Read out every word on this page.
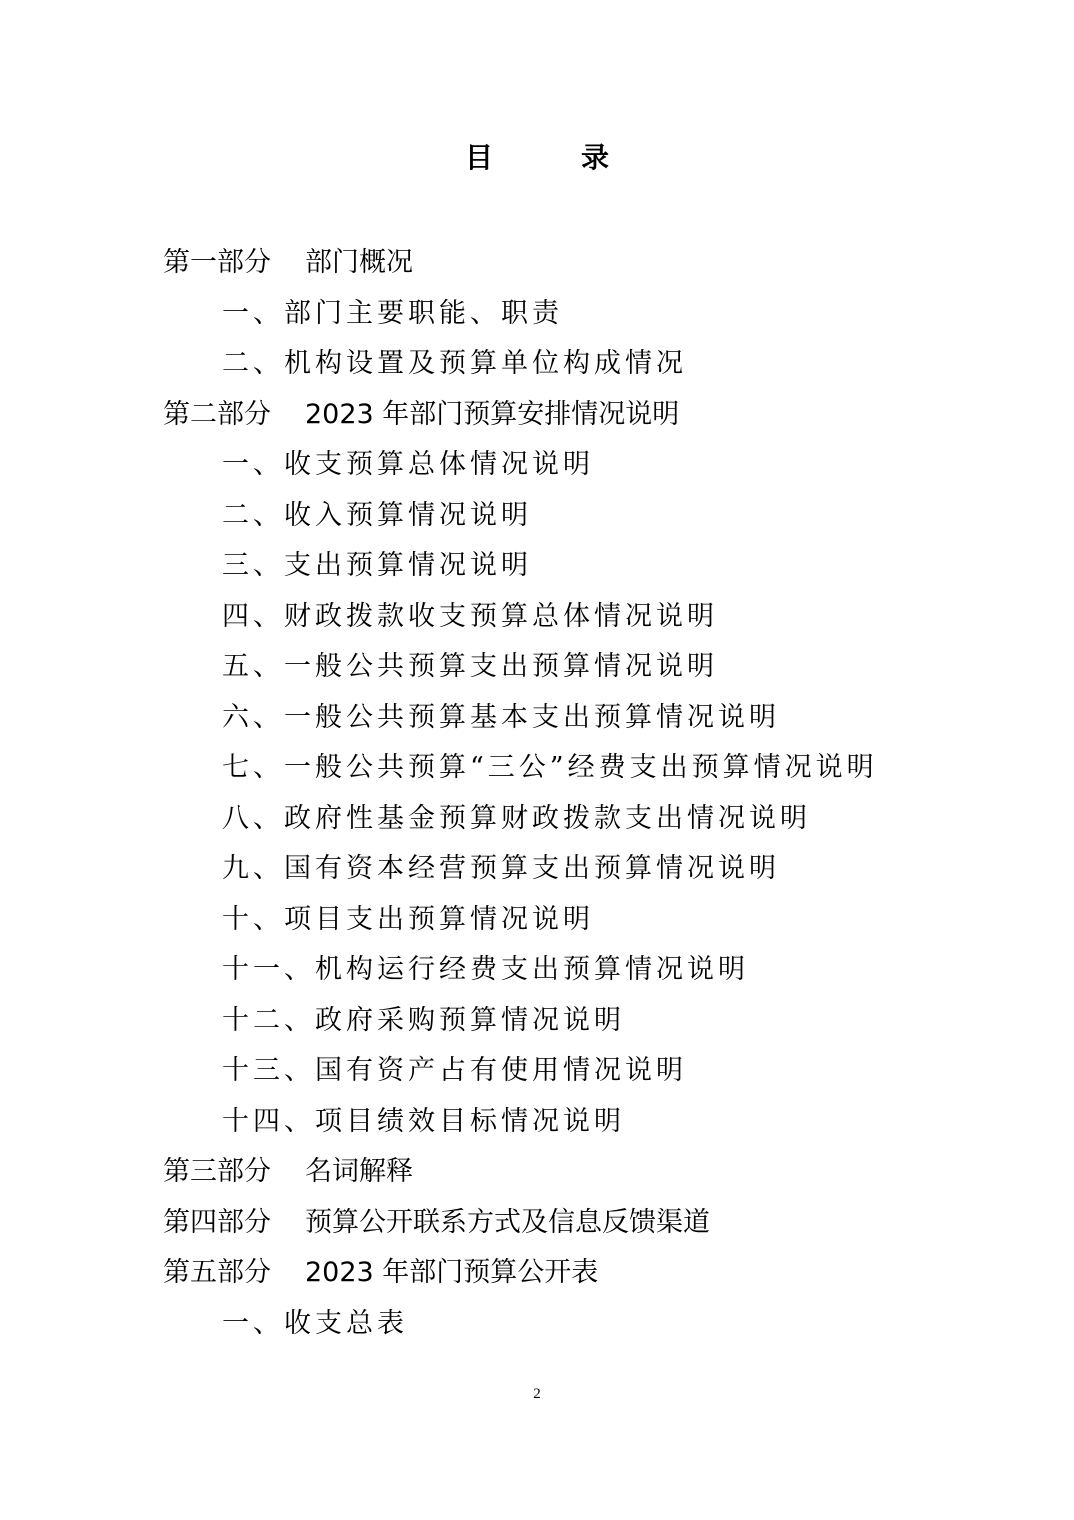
目　录
第一部分 部门概况
一、部门主要职能、职责
二、机构设置及预算单位构成情况
第二部分 2023 年部门预算安排情况说明
一、收支预算总体情况说明
二、收入预算情况说明
三、支出预算情况说明
四、财政拨款收支预算总体情况说明
五、一般公共预算支出预算情况说明
六、一般公共预算基本支出预算情况说明
七、一般公共预算“三公”经费支出预算情况说明
八、政府性基金预算财政拨款支出情况说明
九、国有资本经营预算支出预算情况说明
十、项目支出预算情况说明
十一、机构运行经费支出预算情况说明
十二、政府采购预算情况说明
十三、国有资产占有使用情况说明
十四、项目绩效目标情况说明
第三部分 名词解释
第四部分 预算公开联系方式及信息反馈渠道
第五部分 2023 年部门预算公开表
一、收支总表
2
